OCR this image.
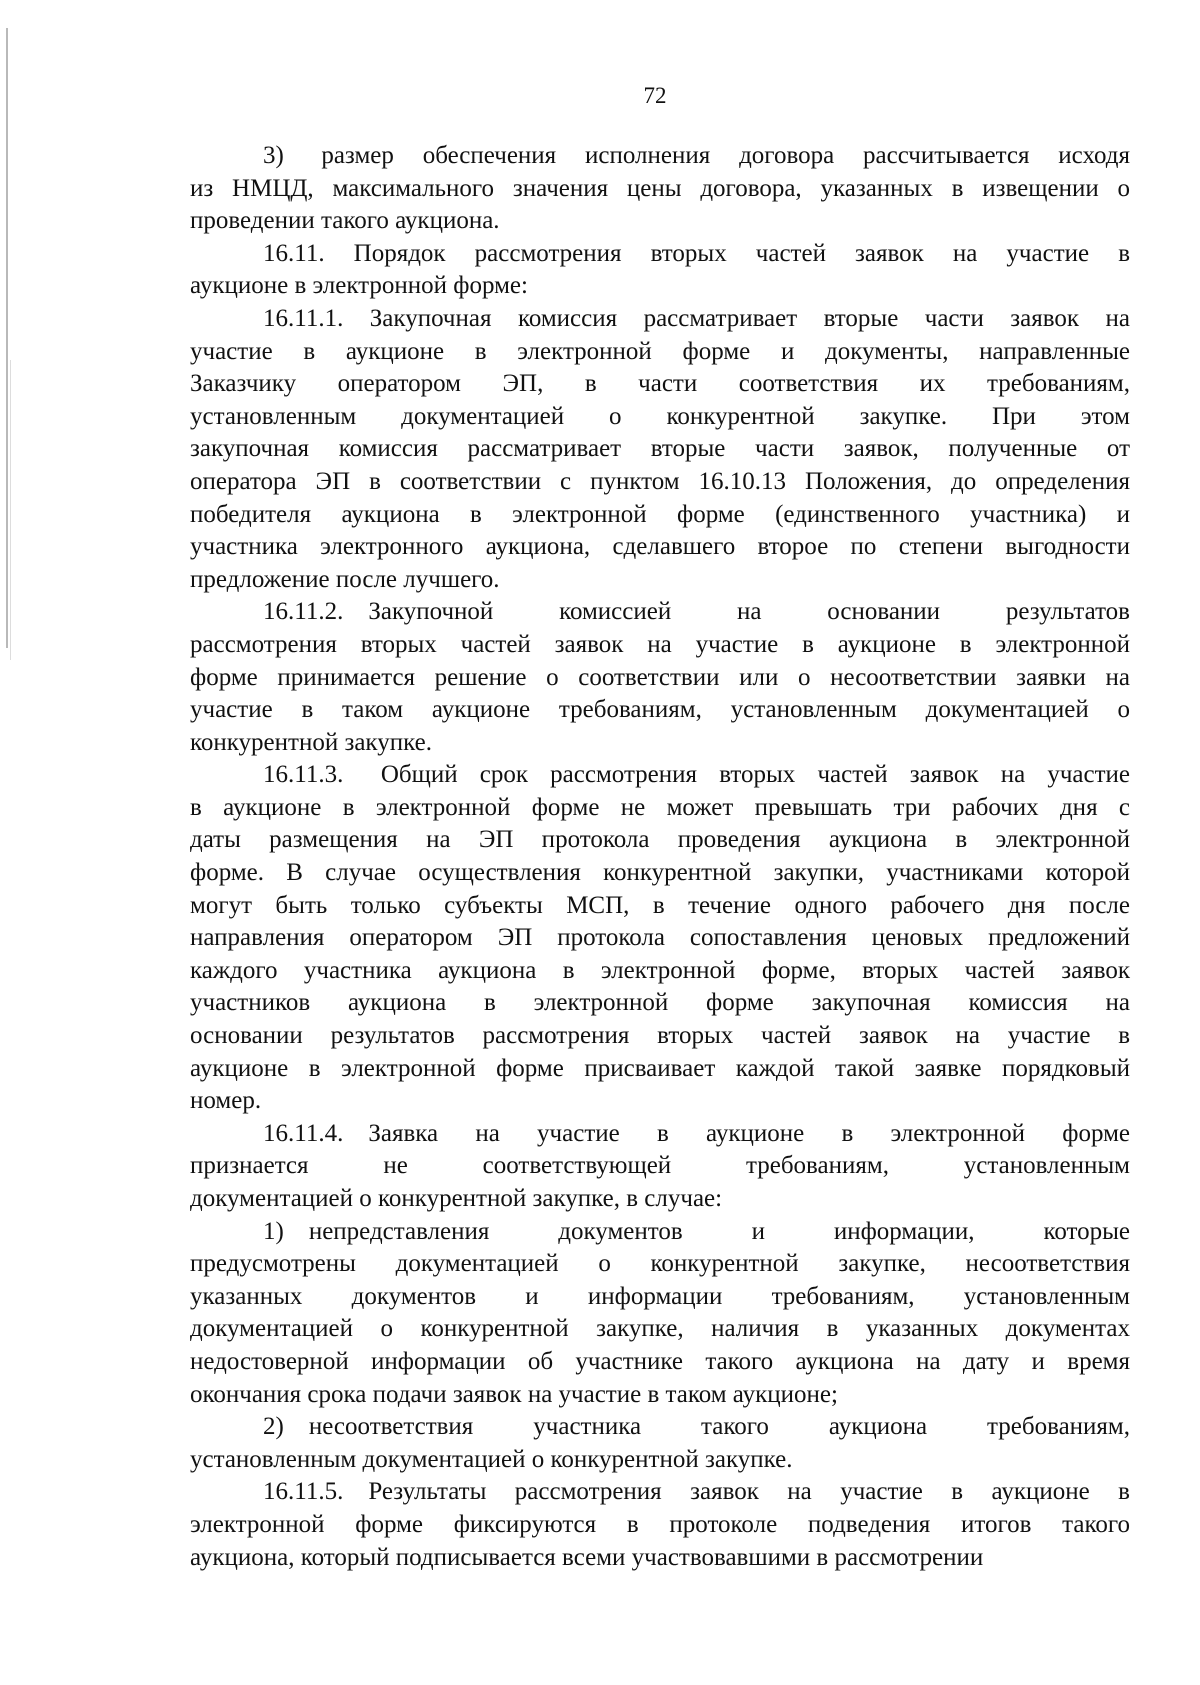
72

3)  размер обеспечения исполнения договора рассчитывается исходя
из НМЦД, максимального значения цены договора, указанных в извещении о
проведении такого аукциона.

16.11. Порядок рассмотрения вторых частей заявок на участие в
аукционе в электронной форме:

16.11.1. Закупочная комиссия рассматривает вторые части заявок на
участие в аукционе в электронной форме и документы, направленные
Заказчику оператором ЭП, в части соответствия их требованиям,
установленным документацией о конкурентной закупке. При этом
закупочная комиссия рассматривает вторые части заявок, полученные от
оператора ЭП в соответствии с пунктом 16.10.13 Положения, до определения
победителя аукциона в электронной форме (единственного участника) и
участника электронного аукциона, сделавшего второе по степени выгодности
предложение после лучшего.

16.11.2. Закупочной комиссией на основании результатов
рассмотрения вторых частей заявок на участие в аукционе в электронной
форме принимается решение о соответствии или о несоответствии заявки на
участие в таком аукционе требованиям, установленным документацией о
конкурентной закупке.

16.11.3.  Общий срок рассмотрения вторых частей заявок на участие
в аукционе в электронной форме не может превышать три рабочих дня с
даты размещения на ЭП протокола проведения аукциона в электронной
форме. В случае осуществления конкурентной закупки, участниками которой
могут быть только субъекты МСП, в течение одного рабочего дня после
направления оператором ЭП протокола сопоставления ценовых предложений
каждого участника аукциона в электронной форме, вторых частей заявок
участников аукциона в электронной форме закупочная комиссия на
основании результатов рассмотрения вторых частей заявок на участие в
аукционе в электронной форме присваивает каждой такой заявке порядковый
номер.

16.11.4. Заявка на участие в аукционе в электронной форме
признается не соответствующей требованиям, установленным
документацией о конкурентной закупке, в случае:

1) непредставления документов и информации, которые
предусмотрены документацией о конкурентной закупке, несоответствия
указанных документов и информации требованиям, установленным
документацией о конкурентной закупке, наличия в указанных документах
недостоверной информации об участнике такого аукциона на дату и время
окончания срока подачи заявок на участие в таком аукционе;

2) несоответствия участника такого аукциона требованиям,
установленным документацией о конкурентной закупке.

16.11.5. Результаты рассмотрения заявок на участие в аукционе в
электронной форме фиксируются в протоколе подведения итогов такого
аукциона, который подписывается всеми участвовавшими в рассмотрении
